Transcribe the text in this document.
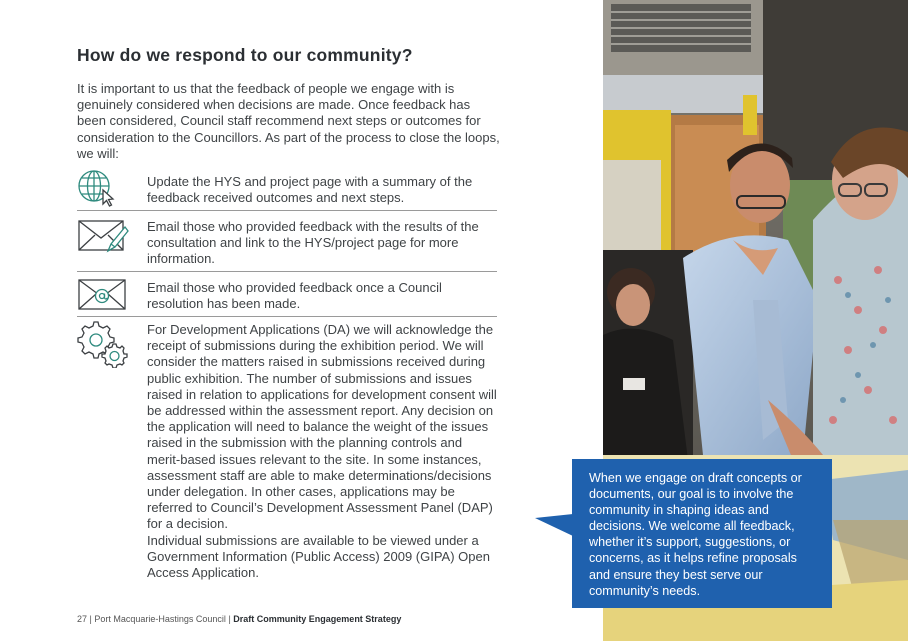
How do we respond to our community?

It is important to us that the feedback of people we engage with is genuinely considered when decisions are made. Once feedback has been considered, Council staff recommend next steps or outcomes for consideration to the Councillors. As part of the process to close the loops, we will:

Update the HYS and project page with a summary of the feedback received outcomes and next steps.

Email those who provided feedback with the results of the consultation and link to the HYS/project page for more information.

Email those who provided feedback once a Council resolution has been made.

For Development Applications (DA) we will acknowledge the receipt of submissions during the exhibition period. We will consider the matters raised in submissions received during public exhibition. The number of submissions and issues raised in relation to applications for development consent will be addressed within the assessment report. Any decision on the application will need to balance the weight of the issues raised in the submission with the planning controls and merit-based issues relevant to the site. In some instances, assessment staff are able to make determinations/decisions under delegation. In other cases, applications may be referred to Council’s Development Assessment Panel (DAP) for a decision.
Individual submissions are available to be viewed under a Government Information (Public Access) 2009 (GIPA) Open Access Application.

27 | Port Macquarie-Hastings Council | Draft Community Engagement Strategy
When we engage on draft concepts or documents, our goal is to involve the community in shaping ideas and decisions. We welcome all feedback, whether it’s support, suggestions, or concerns, as it helps refine proposals and ensure they best serve our community’s needs.
